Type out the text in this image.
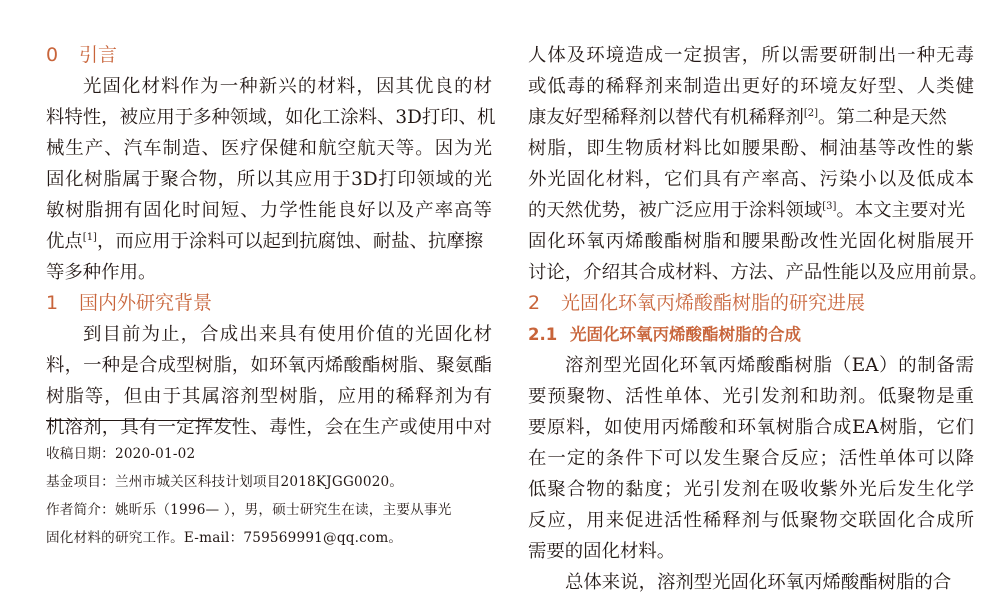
0 引言
光固化材料作为一种新兴的材料，因其优良的材
料特性，被应用于多种领域，如化工涂料、3D打印、机
械生产、汽车制造、医疗保健和航空航天等。因为光
固化树脂属于聚合物，所以其应用于3D打印领域的光
敏树脂拥有固化时间短、力学性能良好以及产率高等
优点[1]，而应用于涂料可以起到抗腐蚀、耐盐、抗摩擦
等多种作用。
1 国内外研究背景
到目前为止，合成出来具有使用价值的光固化材
料，一种是合成型树脂，如环氧丙烯酸酯树脂、聚氨酯
树脂等，但由于其属溶剂型树脂，应用的稀释剂为有
机溶剂，具有一定挥发性、毒性，会在生产或使用中对
收稿日期：2020-01-02
基金项目：兰州市城关区科技计划项目2018KJGG0020。
作者简介：姚昕乐（1996— ），男，硕士研究生在读，主要从事光
固化材料的研究工作。E-mail：759569991@qq.com。
人体及环境造成一定损害，所以需要研制出一种无毒
或低毒的稀释剂来制造出更好的环境友好型、人类健
康友好型稀释剂以替代有机稀释剂[2]。第二种是天然
树脂，即生物质材料比如腰果酚、桐油基等改性的紫
外光固化材料，它们具有产率高、污染小以及低成本
的天然优势，被广泛应用于涂料领域[3]。本文主要对光
固化环氧丙烯酸酯树脂和腰果酚改性光固化树脂展开
讨论，介绍其合成材料、方法、产品性能以及应用前景。
2 光固化环氧丙烯酸酯树脂的研究进展
2.1 光固化环氧丙烯酸酯树脂的合成
溶剂型光固化环氧丙烯酸酯树脂（EA）的制备需
要预聚物、活性单体、光引发剂和助剂。低聚物是重
要原料，如使用丙烯酸和环氧树脂合成EA树脂，它们
在一定的条件下可以发生聚合反应；活性单体可以降
低聚合物的黏度；光引发剂在吸收紫外光后发生化学
反应，用来促进活性稀释剂与低聚物交联固化合成所
需要的固化材料。
总体来说，溶剂型光固化环氧丙烯酸酯树脂的合
